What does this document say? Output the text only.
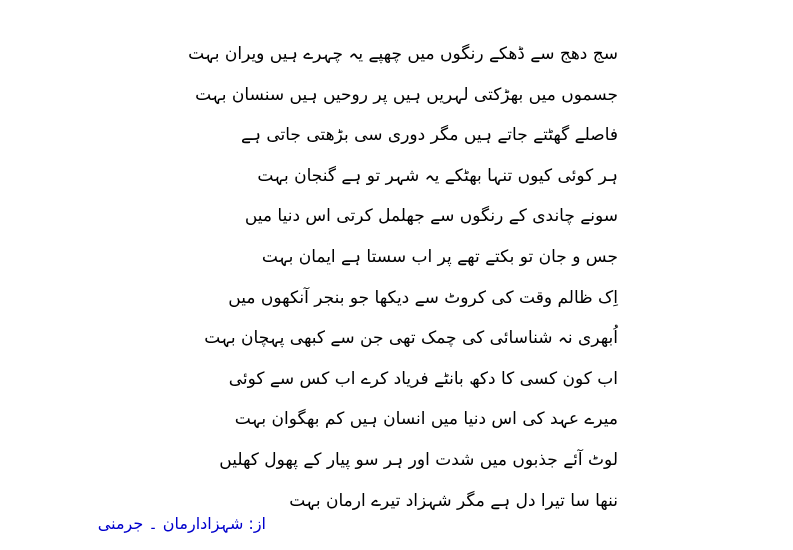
سج دھج سے ڈھکے رنگوں میں چھپے یہ چہرے ہیں ویران بہت
جسموں میں بھڑکتی لہریں ہیں پر روحیں ہیں سنسان بہت
فاصلے گھٹتے جاتے ہیں مگر دوری سی بڑھتی جاتی ہے
ہر کوئی کیوں تنہا بھٹکے یہ شہر تو ہے گنجان بہت
سونے چاندی کے رنگوں سے جھلمل کرتی اس دنیا میں
جس و جان تو بکتے تھے پر اب سستا ہے ایمان بہت
اِک ظالم وقت کی کروٹ سے دیکھا جو بنجر آنکھوں میں
اُبھری نہ شناسائی کی چمک تھی جن سے کبھی پہچان بہت
اب کون کسی کا دکھ بانٹے فریاد کرے اب کس سے کوئی
میرے عہد کی اس دنیا میں انسان ہیں کم بھگوان بہت
لوٹ آئے جذبوں میں شدت اور ہر سو پیار کے پھول کھلیں
ننھا سا تیرا دل ہے مگر شہزاد تیرے ارمان بہت
از: شہزادارمان ۔ جرمنی
